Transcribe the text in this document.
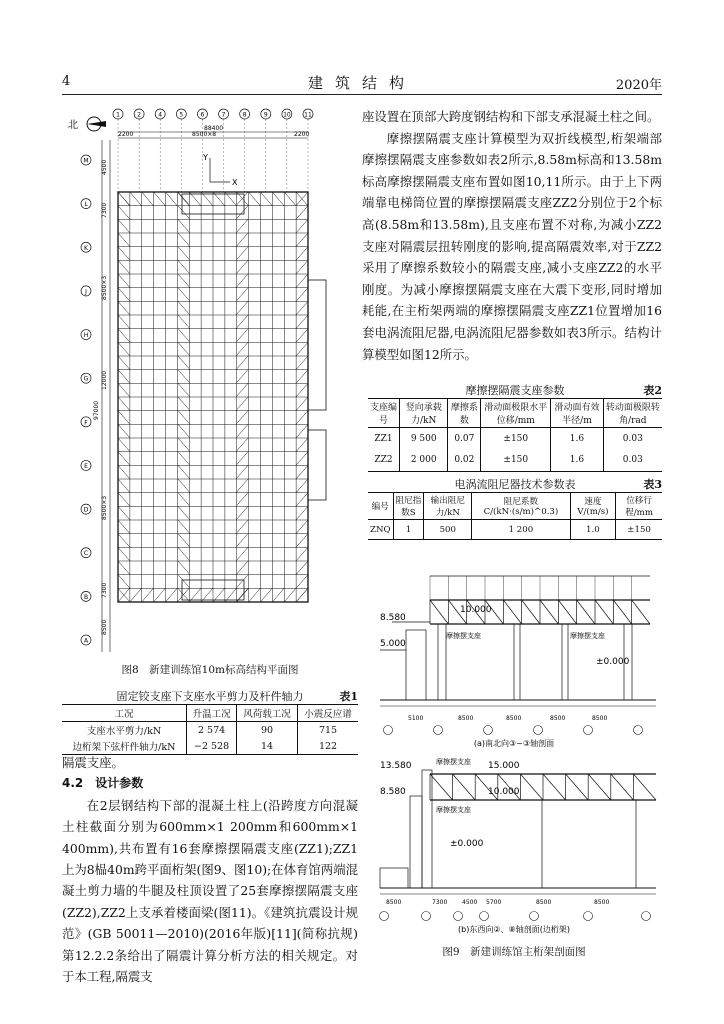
4	建筑结构	2020年
北	88400
8500×8
2200	2200
1	2	4	5	6	7	8	9	10 11
M
L
K
J
H
G
F
E
D
C
B
A
4500
7300
8500×3
12000
97000
8500×3
7300
8500
Y
X
图8　新建训练馆10m标高结构平面图
固定铰支座下支座水平剪力及杆件轴力	表1
工况	升温工况	风荷载工况	小震反应谱
支座水平剪力/kN	2 574	90	715
边桁架下弦杆件轴力/kN	−2 528	14	122

隔震支座。

4.2　设计参数

在2层钢结构下部的混凝土柱上(沿跨度方向混凝土柱截面分别为600mm×1 200mm和600mm×1 400mm),共布置有16套摩擦摆隔震支座(ZZ1);ZZ1上为8榀40m跨平面桁架(图9、图10);在体育馆两端混凝土剪力墙的牛腿及柱顶设置了25套摩擦摆隔震支座(ZZ2),ZZ2上支承着楼面梁(图11)。《建筑抗震设计规范》(GB 50011—2010)(2016年版)[11](简称抗规)第12.2.2条给出了隔震计算分析方法的相关规定。对于本工程,隔震支

座设置在顶部大跨度钢结构和下部支承混凝土柱之间。

摩擦摆隔震支座计算模型为双折线模型,桁架端部摩擦摆隔震支座参数如表2所示,8.58m标高和13.58m标高摩擦摆隔震支座布置如图10,11所示。由于上下两端靠电梯筒位置的摩擦摆隔震支座ZZ2分别位于2个标高(8.58m和13.58m),且支座布置不对称,为减小ZZ2支座对隔震层扭转刚度的影响,提高隔震效率,对于ZZ2采用了摩擦系数较小的隔震支座,减小支座ZZ2的水平刚度。为减小摩擦摆隔震支座在大震下变形,同时增加耗能,在主桁架两端的摩擦摆隔震支座ZZ1位置增加16套电涡流阻尼器,电涡流阻尼器参数如表3所示。结构计算模型如图12所示。

摩擦摆隔震支座参数	表2
支座编号	竖向承载力/kN	摩擦系数	滑动面极限水平位移/mm	滑动面有效半径/m	转动面极限转角/rad
ZZ1	9 500	0.07	±150	1.6	0.03
ZZ2	2 000	0.02	±150	1.6	0.03
电涡流阻尼器技术参数表	表3
编号	阻尼指数S	输出阻尼力/kN	阻尼系数C/(kN·(s/m)^0.3)	速度V/(m/s)	位移行程/mm
ZNQ	1	500	1 200	1.0	±150
8.580
5.000
10.000
±0.000
摩擦摆支座	摩擦摆支座
5100	8500	8500	8500	8500
(a)南北向③~③轴剖面
13.580	15.000
8.580	10.000
±0.000
摩擦摆支座
摩擦摆支座
8500	7300 4500 5700	8500	8500
(b)东西向②、⑧轴剖面(边桁架)
图9　新建训练馆主桁架剖面图
